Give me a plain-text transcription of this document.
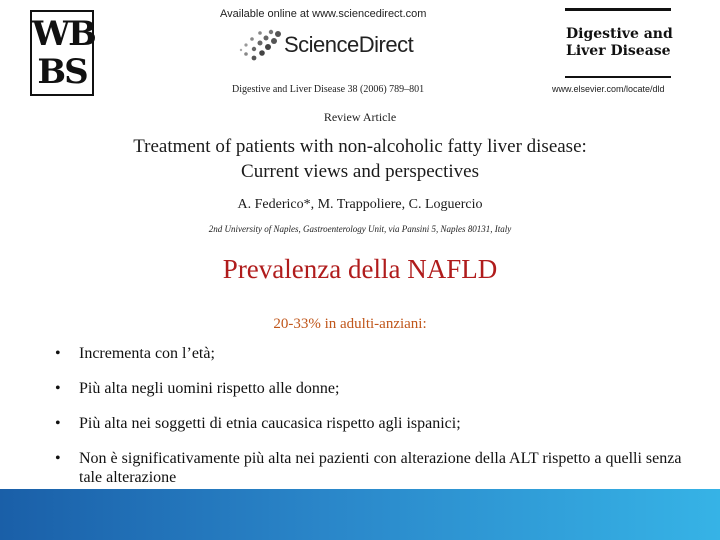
WB
BS
Available online at www.sciencedirect.com
ScienceDirect
Digestive and Liver Disease 38 (2006) 789–801
Digestive and
Liver Disease
www.elsevier.com/locate/dld
Review Article
Treatment of patients with non-alcoholic fatty liver disease:
Current views and perspectives
A. Federico*, M. Trappoliere, C. Loguercio
2nd University of Naples, Gastroenterology Unit, via Pansini 5, Naples 80131, Italy
Prevalenza della NAFLD
20-33% in adulti-anziani:
• Incrementa con l’età;
• Più alta negli uomini rispetto alle donne;
• Più alta nei soggetti di etnia caucasica rispetto agli ispanici;
• Non è significativamente più alta nei pazienti con alterazione della ALT rispetto a quelli senza tale alterazione
